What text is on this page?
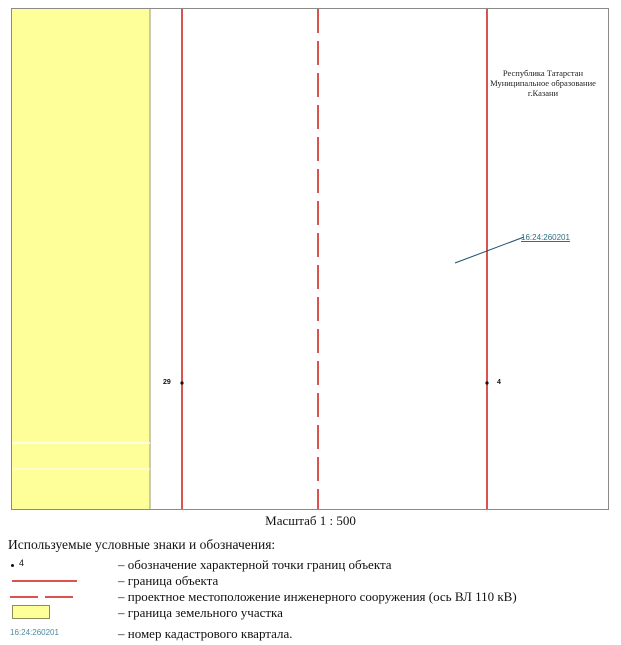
Республика Татарстан
Муниципальное образование
г.Казани
16:24:260201
29	4
Масштаб 1 : 500
Используемые условные знаки и обозначения:
4	– обозначение характерной точки границ объекта
– граница объекта
– проектное местоположение инженерного сооружения (ось ВЛ 110 кВ)
– граница земельного участка
16:24:260201	– номер кадастрового квартала.
